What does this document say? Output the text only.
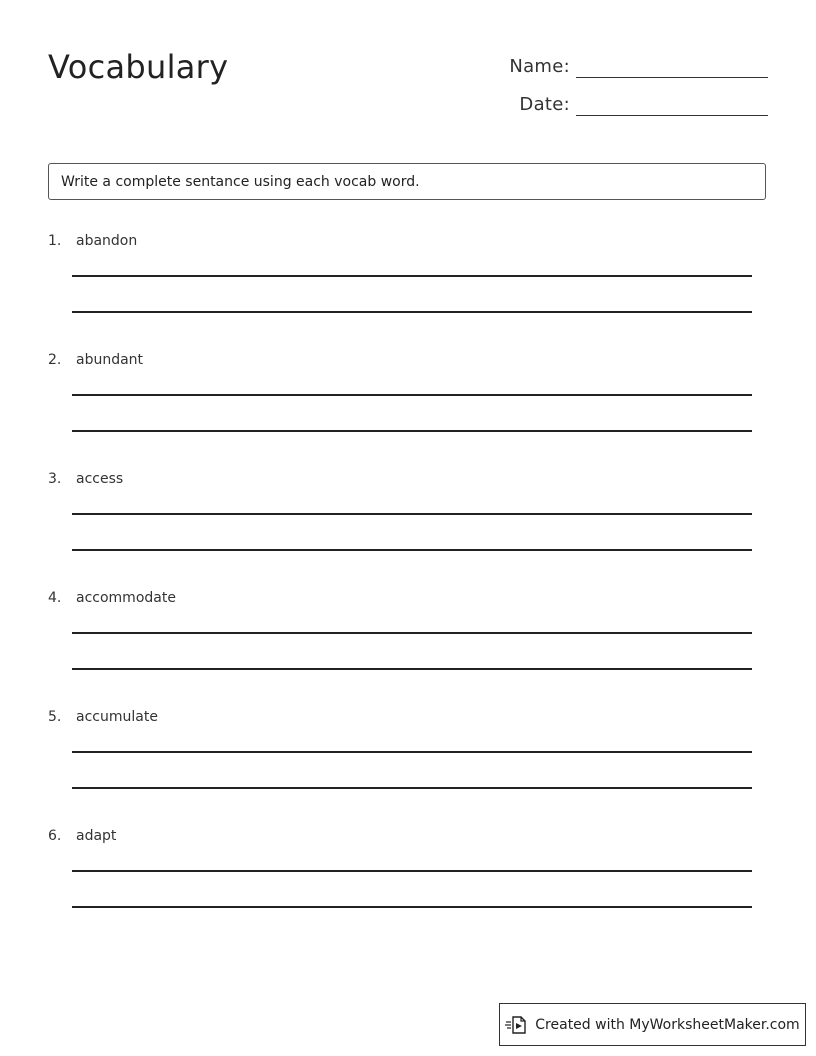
Vocabulary	Name:
Date:
Write a complete sentance using each vocab word.
1. abandon
2. abundant
3. access
4. accommodate
5. accumulate
6. adapt
Created with MyWorksheetMaker.com
